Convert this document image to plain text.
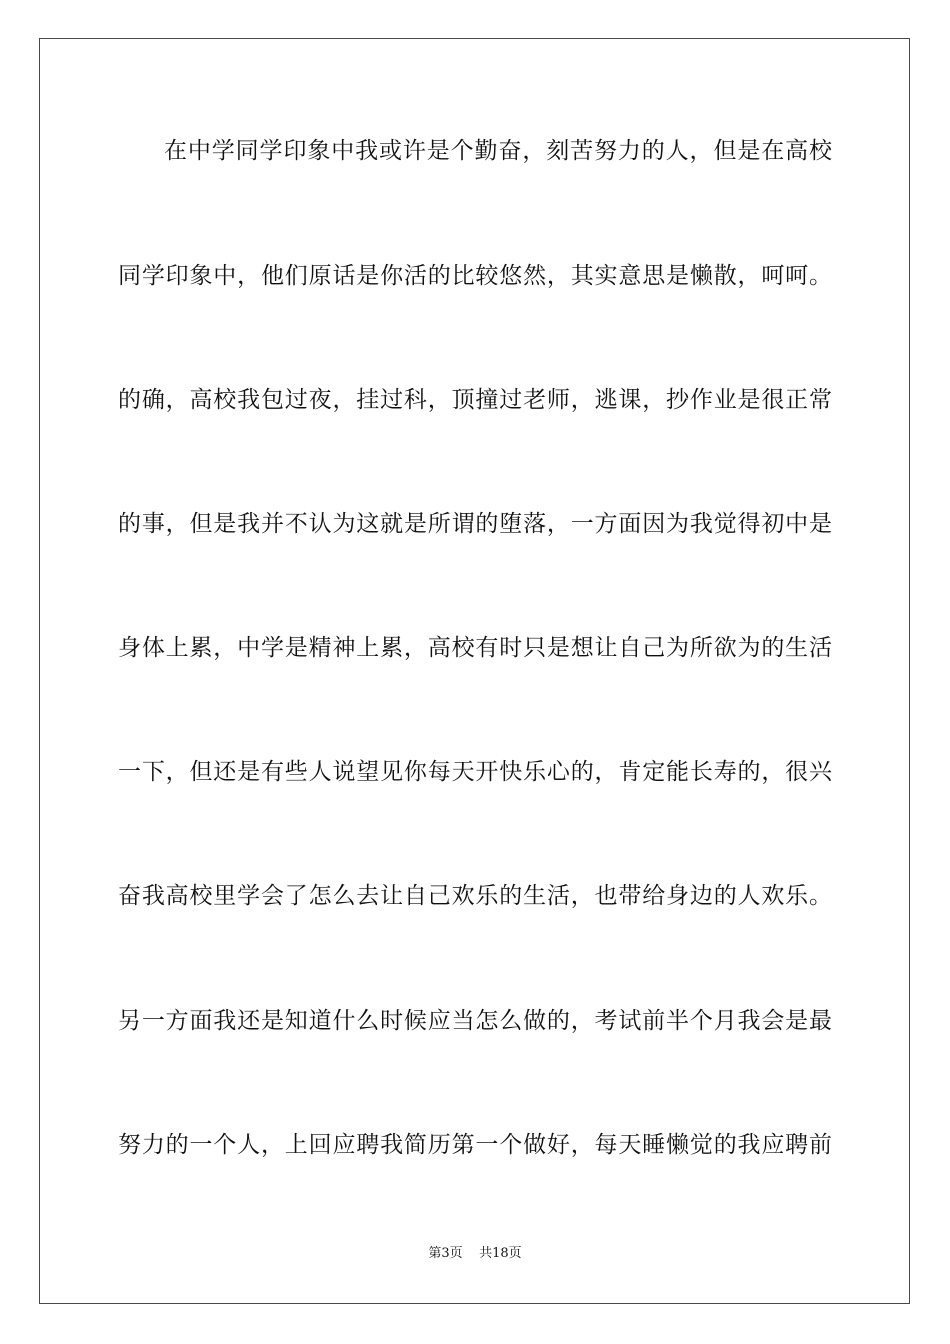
在中学同学印象中我或许是个勤奋，刻苦努力的人，但是在高校
同学印象中，他们原话是你活的比较悠然，其实意思是懒散，呵呵。
的确，高校我包过夜，挂过科，顶撞过老师，逃课，抄作业是很正常
的事，但是我并不认为这就是所谓的堕落，一方面因为我觉得初中是
身体上累，中学是精神上累，高校有时只是想让自己为所欲为的生活
一下，但还是有些人说望见你每天开快乐心的，肯定能长寿的，很兴
奋我高校里学会了怎么去让自己欢乐的生活，也带给身边的人欢乐。
另一方面我还是知道什么时候应当怎么做的，考试前半个月我会是最
努力的一个人，上回应聘我简历第一个做好，每天睡懒觉的我应聘前
第3页 共18页
